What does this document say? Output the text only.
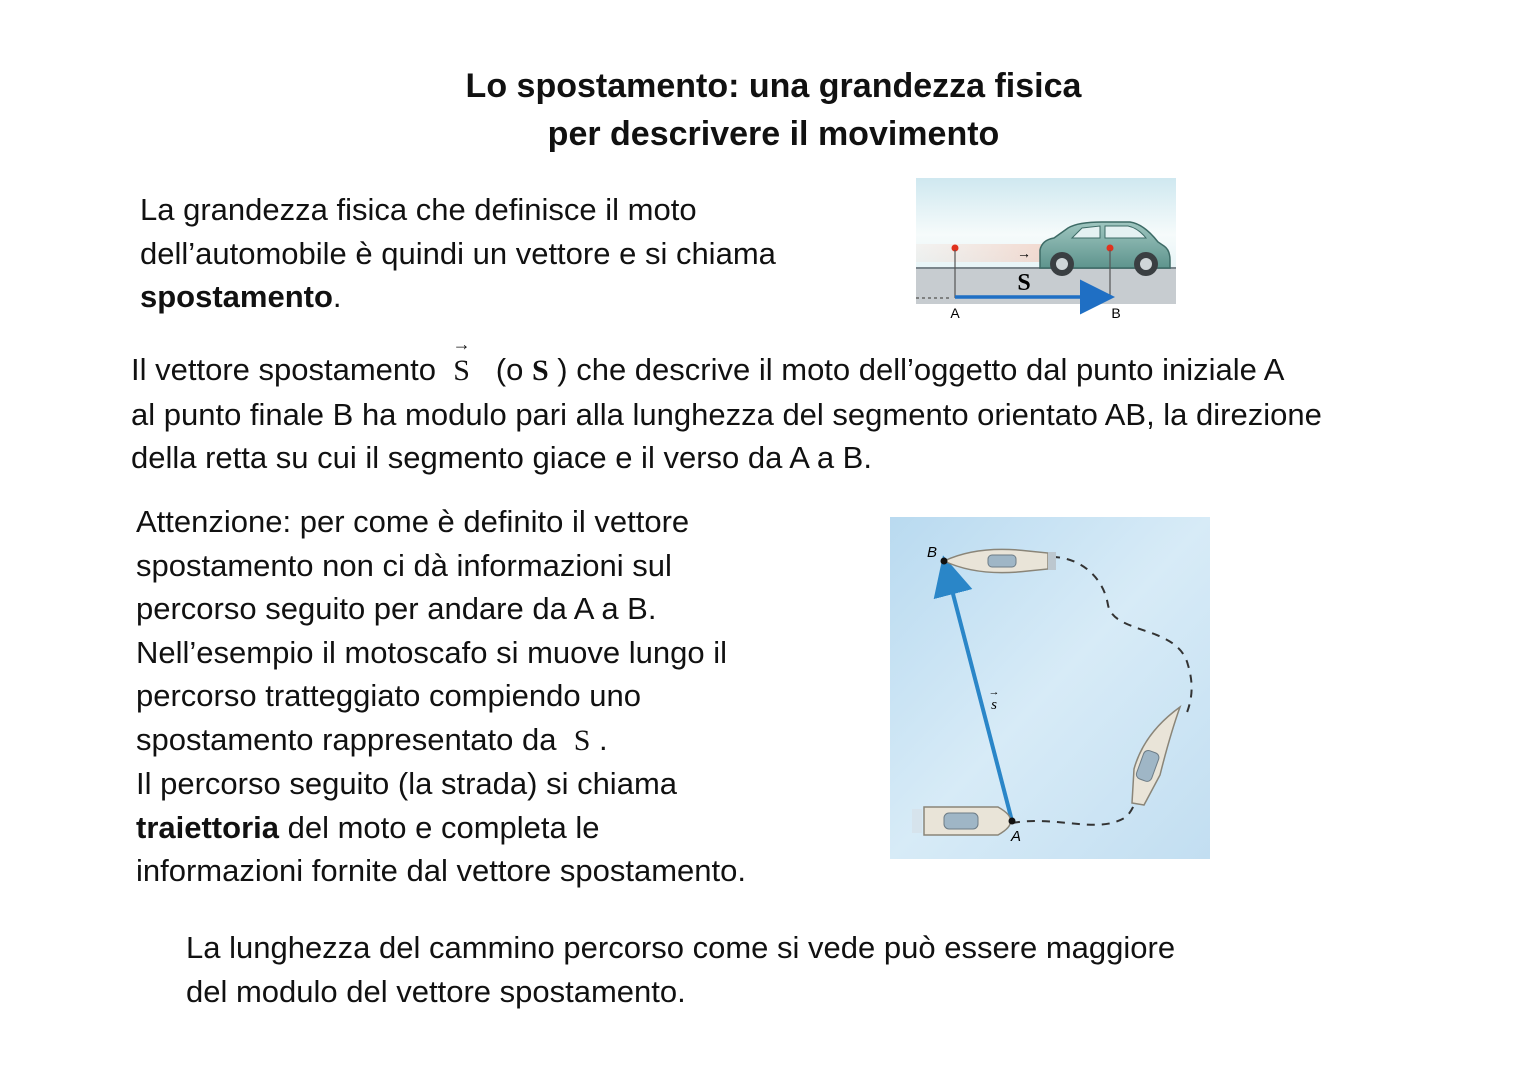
Lo spostamento: una grandezza fisica
per descrivere il movimento
La grandezza fisica che definisce il moto
dell’automobile è quindi un vettore e si chiama
spostamento.
→
S
A	B
Il vettore spostamento
→
S (o S ) che descrive il moto dell’oggetto dal punto iniziale A
al punto finale B ha modulo pari alla lunghezza del segmento orientato AB, la direzione
della retta su cui il segmento giace e il verso da A a B.
Attenzione: per come è definito il vettore
spostamento non ci dà informazioni sul
percorso seguito per andare da A a B.
Nell’esempio il motoscafo si muove lungo il
percorso tratteggiato compiendo uno
spostamento rappresentato da S .
Il percorso seguito (la strada) si chiama
traiettoria del moto e completa le
informazioni fornite dal vettore spostamento.
A
B
→
s
La lunghezza del cammino percorso come si vede può essere maggiore
del modulo del vettore spostamento.
